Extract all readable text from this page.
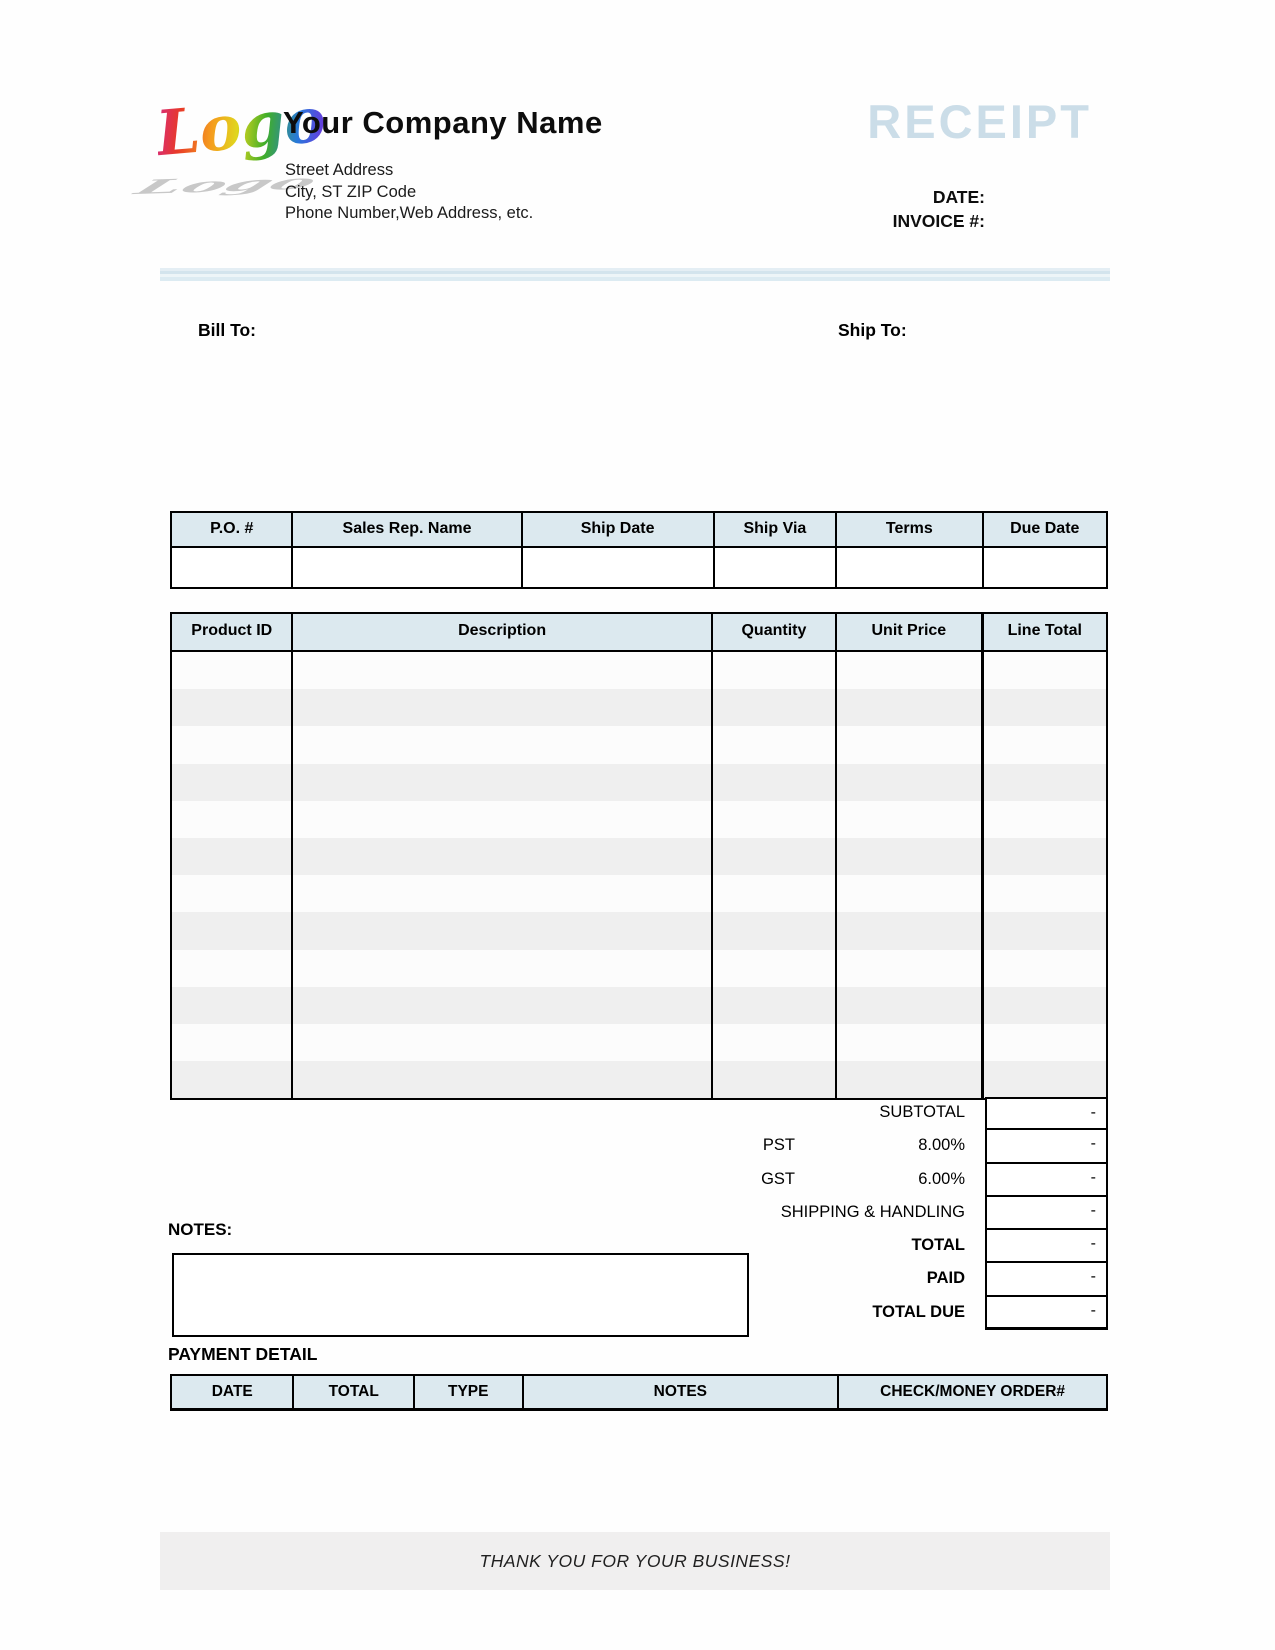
Logo
Logo
Your Company Name
Street Address
City, ST ZIP Code
Phone Number,Web Address, etc.
RECEIPT
DATE:
INVOICE #:
Bill To:	Ship To:
P.O. #	Sales Rep. Name	Ship Date	Ship Via	Terms	Due Date
Product ID	Description	Quantity	Unit Price	Line Total
SUBTOTAL	-
PST	8.00%	-
GST	6.00%	-
SHIPPING & HANDLING	-
TOTAL	-
PAID	-
TOTAL DUE	-
NOTES:
PAYMENT DETAIL
DATE	TOTAL	TYPE	NOTES	CHECK/MONEY ORDER#
THANK YOU FOR YOUR BUSINESS!
